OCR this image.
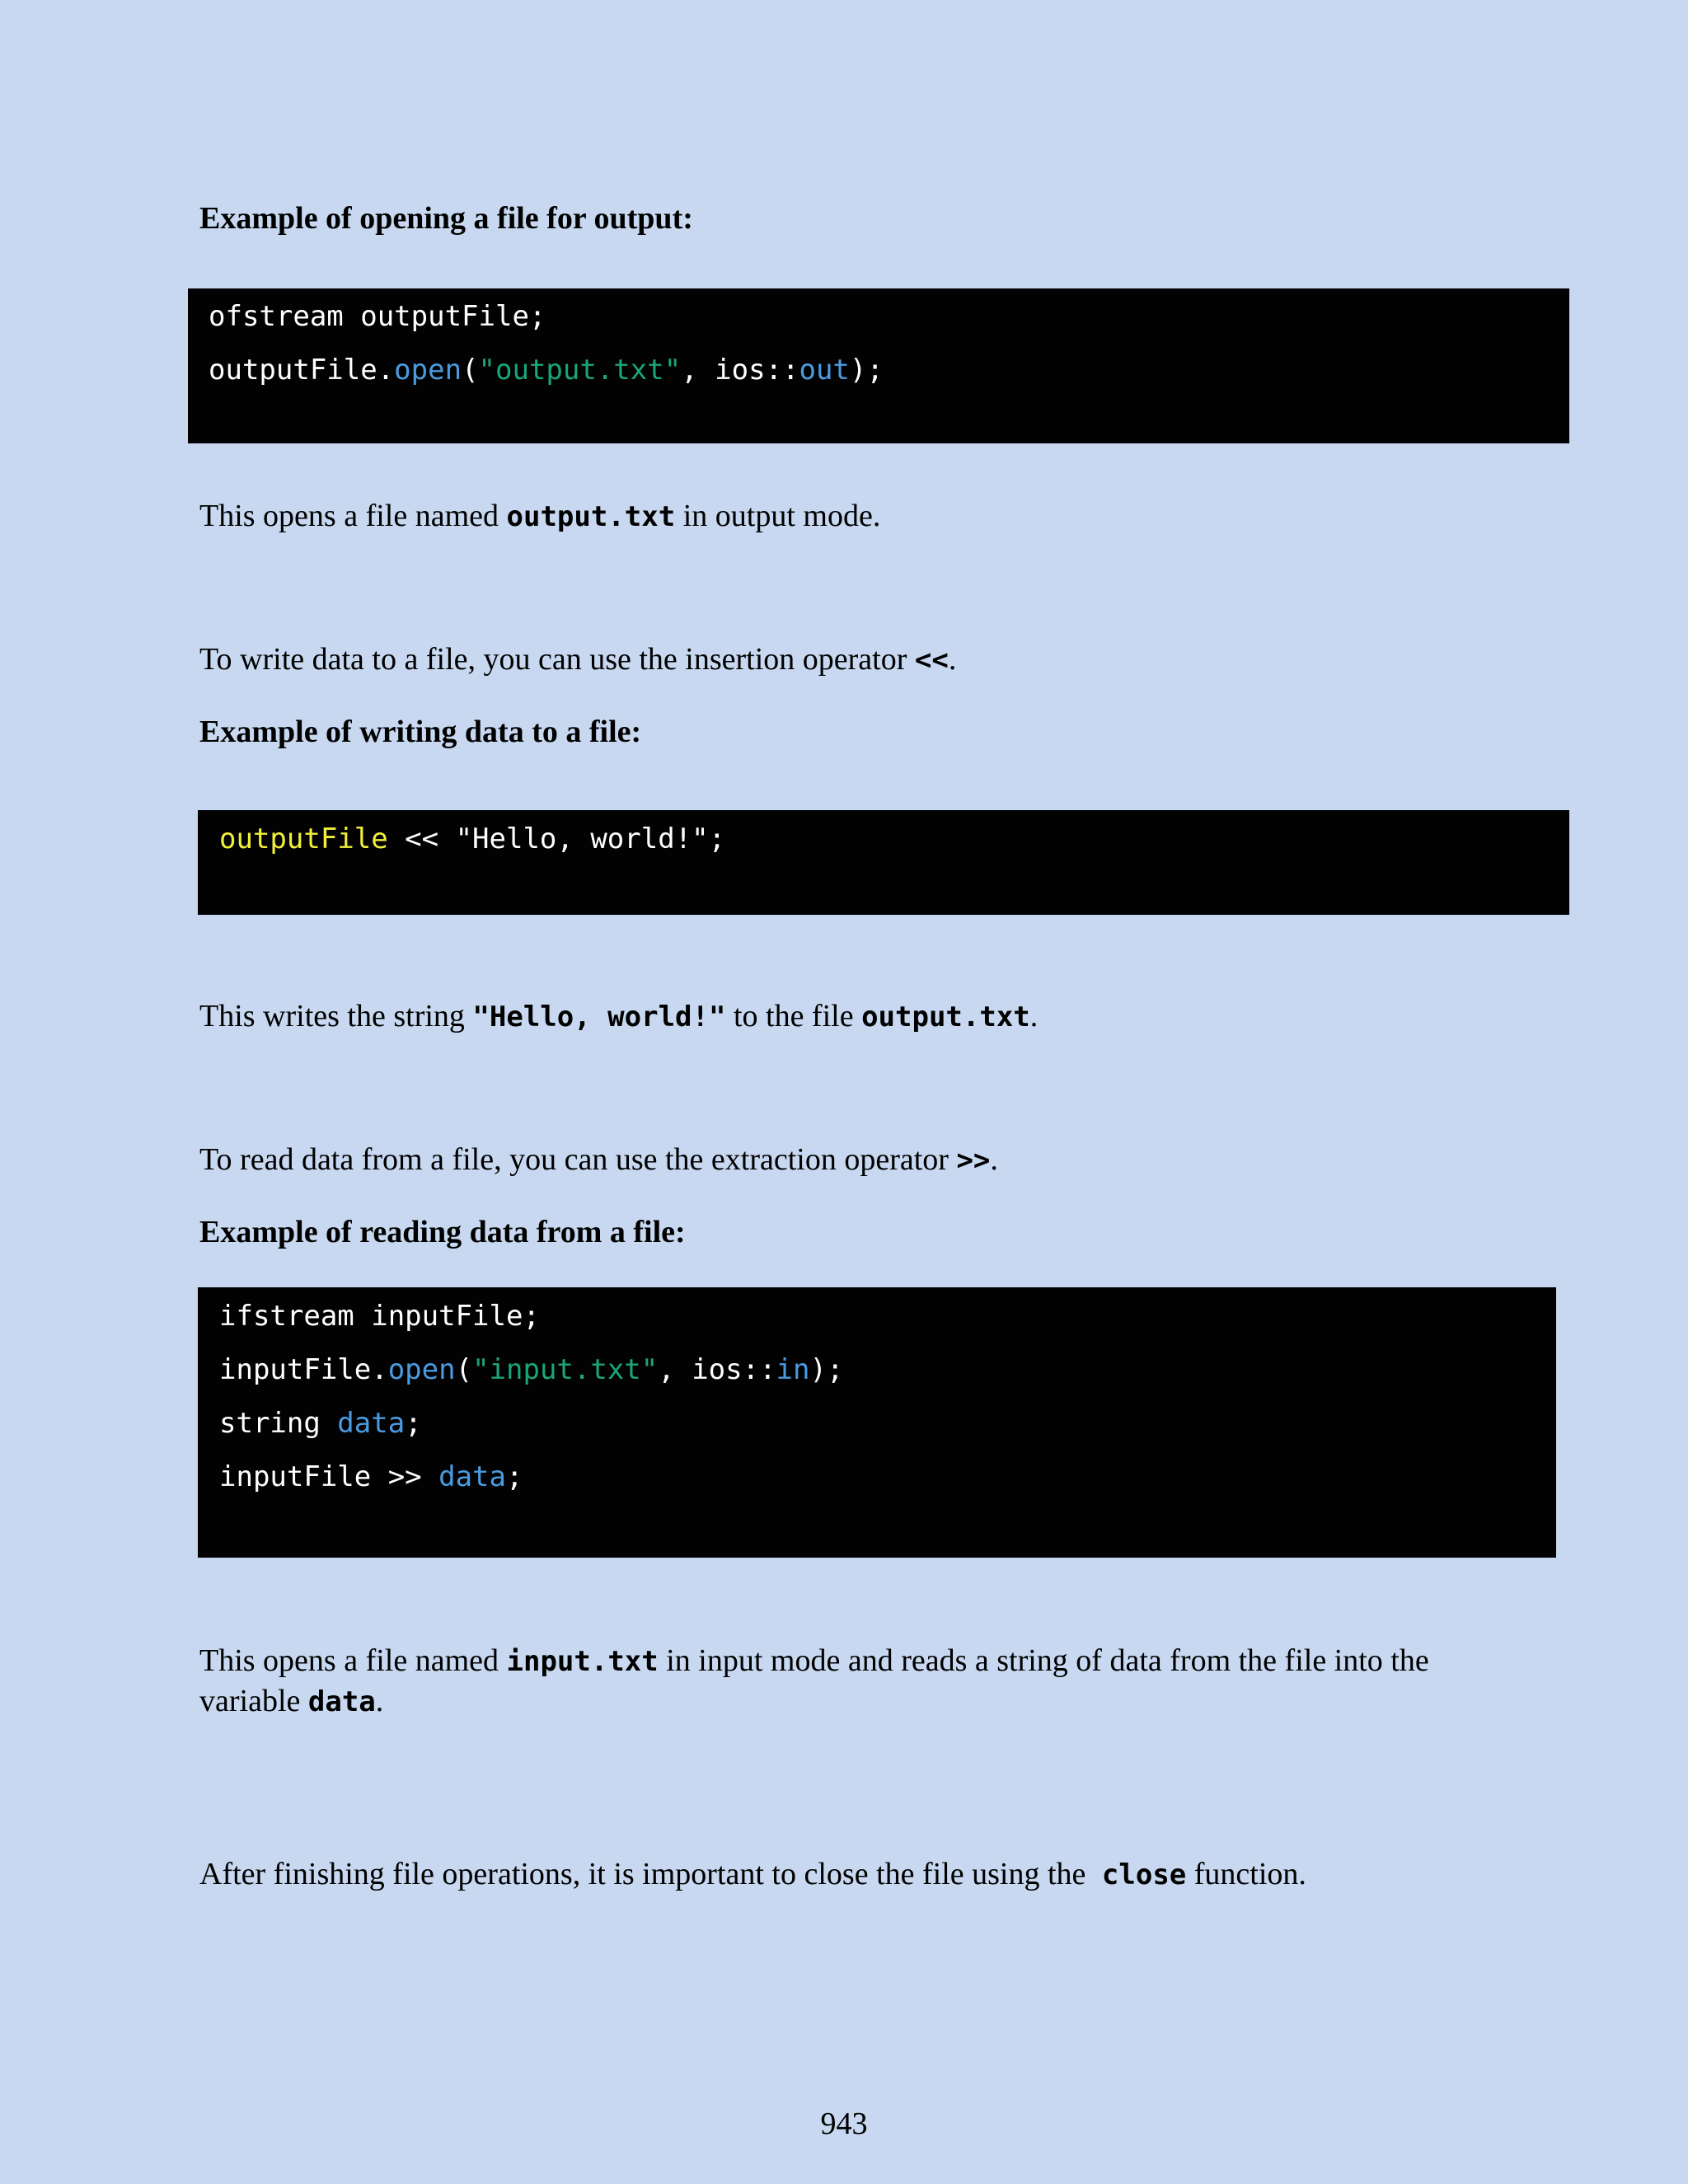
Example of opening a file for output:

ofstream outputFile;
outputFile.open("output.txt", ios::out);

This opens a file named output.txt in output mode.

To write data to a file, you can use the insertion operator <<.

Example of writing data to a file:

outputFile << "Hello, world!";

This writes the string "Hello, world!" to the file output.txt.

To read data from a file, you can use the extraction operator >>.

Example of reading data from a file:

ifstream inputFile;
inputFile.open("input.txt", ios::in);
string data;
inputFile >> data;

This opens a file named input.txt in input mode and reads a string of data from the file into the variable data.

After finishing file operations, it is important to close the file using the close function.

943
